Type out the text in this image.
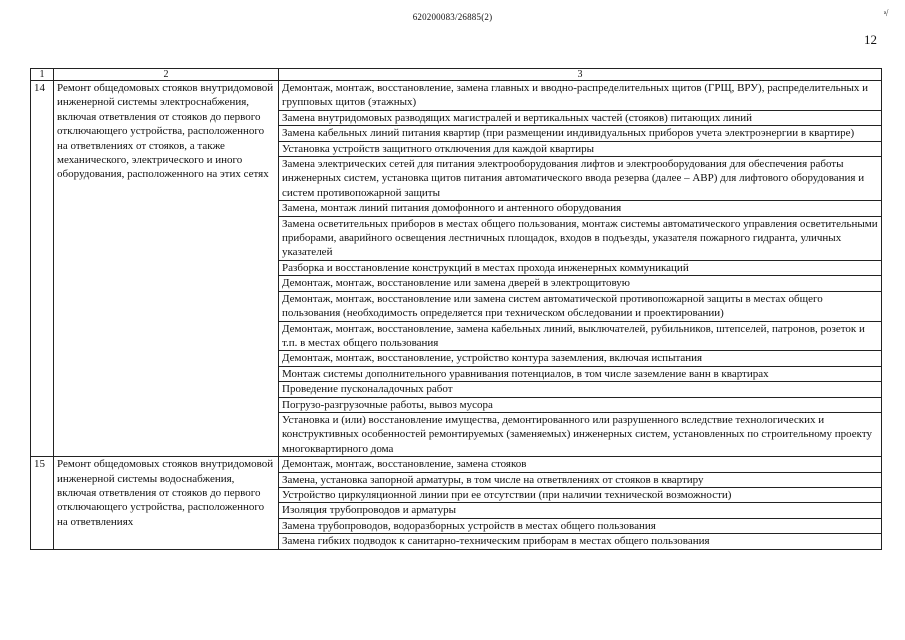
620200083/26885(2)	ᵃ⁄
12
1	2	3
14	Ремонт общедомовых стояков внутридомовой инженерной системы электроснабжения, включая ответвления от стояков до первого отключающего устройства, расположенного на ответвлениях от стояков, а также механического, электрического и иного оборудования, расположенного на этих сетях	Демонтаж, монтаж, восстановление, замена главных и вводно-распределительных щитов (ГРЩ, ВРУ), распределительных и групповых щитов (этажных)
		Замена внутридомовых разводящих магистралей и вертикальных частей (стояков) питающих линий
		Замена кабельных линий питания квартир (при размещении индивидуальных приборов учета электроэнергии в квартире)
		Установка устройств защитного отключения для каждой квартиры
		Замена электрических сетей для питания электрооборудования лифтов и электрооборудования для обеспечения работы инженерных систем, установка щитов питания автоматического ввода резерва (далее – АВР) для лифтового оборудования и систем противопожарной защиты
		Замена, монтаж линий питания домофонного и антенного оборудования
		Замена осветительных приборов в местах общего пользования, монтаж системы автоматического управления осветительными приборами, аварийного освещения лестничных площадок, входов в подъезды, указателя пожарного гидранта, уличных указателей
		Разборка и восстановление конструкций в местах прохода инженерных коммуникаций
		Демонтаж, монтаж, восстановление или замена дверей в электрощитовую
		Демонтаж, монтаж, восстановление или замена систем автоматической противопожарной защиты в местах общего пользования (необходимость определяется при техническом обследовании и проектировании)
		Демонтаж, монтаж, восстановление, замена кабельных линий, выключателей, рубильников, штепселей, патронов, розеток и т.п. в местах общего пользования
		Демонтаж, монтаж, восстановление, устройство контура заземления, включая испытания
		Монтаж системы дополнительного уравнивания потенциалов, в том числе заземление ванн в квартирах
		Проведение пусконаладочных работ
		Погрузо-разгрузочные работы, вывоз мусора
		Установка и (или) восстановление имущества, демонтированного или разрушенного вследствие технологических и конструктивных особенностей ремонтируемых (заменяемых) инженерных систем, установленных по строительному проекту многоквартирного дома
15	Ремонт общедомовых стояков внутридомовой инженерной системы водоснабжения, включая ответвления от стояков до первого отключающего устройства, расположенного на ответвлениях	Демонтаж, монтаж, восстановление, замена стояков
		Замена, установка запорной арматуры, в том числе на ответвлениях от стояков в квартиру
		Устройство циркуляционной линии при ее отсутствии (при наличии технической возможности)
		Изоляция трубопроводов и арматуры
		Замена трубопроводов, водоразборных устройств в местах общего пользования
		Замена гибких подводок к санитарно-техническим приборам в местах общего пользования
